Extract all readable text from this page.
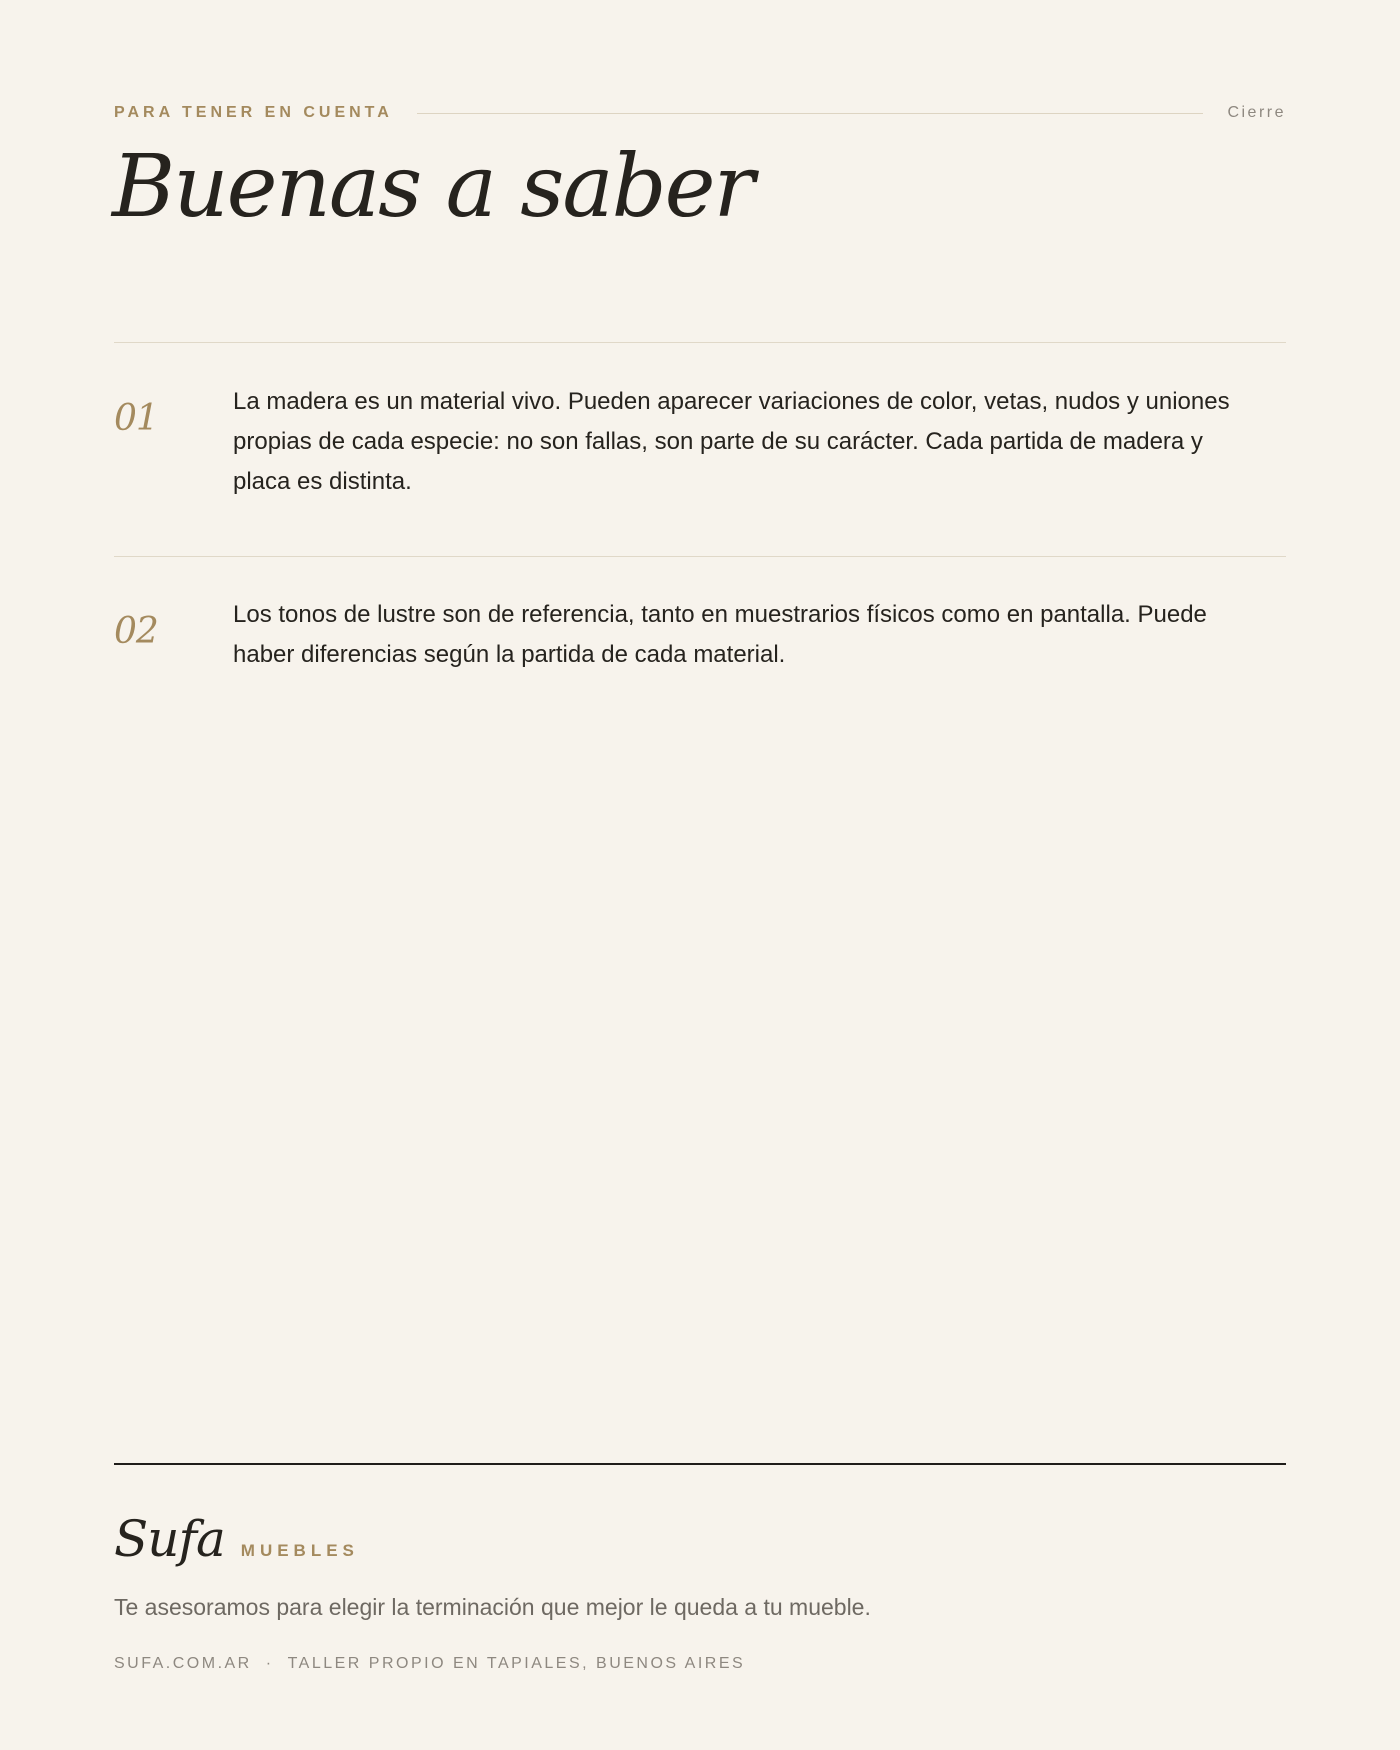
PARA TENER EN CUENTA	Cierre
Buenas a saber
01	La madera es un material vivo. Pueden aparecer variaciones de color, vetas, nudos y uniones propias de cada especie: no son fallas, son parte de su carácter. Cada partida de madera y placa es distinta.
02	Los tonos de lustre son de referencia, tanto en muestrarios físicos como en pantalla. Puede haber diferencias según la partida de cada material.
Sufa MUEBLES
Te asesoramos para elegir la terminación que mejor le queda a tu mueble.
SUFA.COM.AR · TALLER PROPIO EN TAPIALES, BUENOS AIRES
